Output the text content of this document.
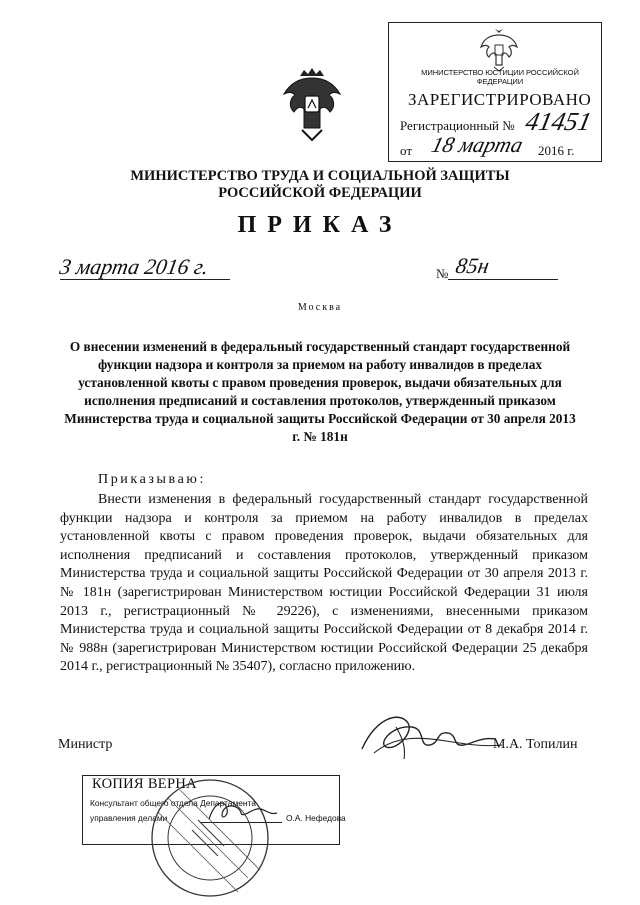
МИНИСТЕРСТВО ЮСТИЦИИ РОССИЙСКОЙ ФЕДЕРАЦИИ
ЗАРЕГИСТРИРОВАНО
Регистрационный № 41451
от 18 марта 2016 г.
МИНИСТЕРСТВО ТРУДА И СОЦИАЛЬНОЙ ЗАЩИТЫ
РОССИЙСКОЙ ФЕДЕРАЦИИ
ПРИКАЗ
3 марта 2016 г.	№ 85н
Москва
О внесении изменений в федеральный государственный стандарт государственной функции надзора и контроля за приемом на работу инвалидов в пределах установленной квоты с правом проведения проверок, выдачи обязательных для исполнения предписаний и составления протоколов, утвержденный приказом Министерства труда и социальной защиты Российской Федерации от 30 апреля 2013 г. № 181н
Приказываю:
Внести изменения в федеральный государственный стандарт государственной функции надзора и контроля за приемом на работу инвалидов в пределах установленной квоты с правом проведения проверок, выдачи обязательных для исполнения предписаний и составления протоколов, утвержденный приказом Министерства труда и социальной защиты Российской Федерации от 30 апреля 2013 г. № 181н (зарегистрирован Министерством юстиции Российской Федерации 31 июля 2013 г., регистрационный № 29226), с изменениями, внесенными приказом Министерства труда и социальной защиты Российской Федерации от 8 декабря 2014 г. № 988н (зарегистрирован Министерством юстиции Российской Федерации 25 декабря 2014 г., регистрационный № 35407), согласно приложению.
Министр	М.А. Топилин
КОПИЯ ВЕРНА
Консультант общего отдела Департамента
управления делами	О.А. Нефедова
